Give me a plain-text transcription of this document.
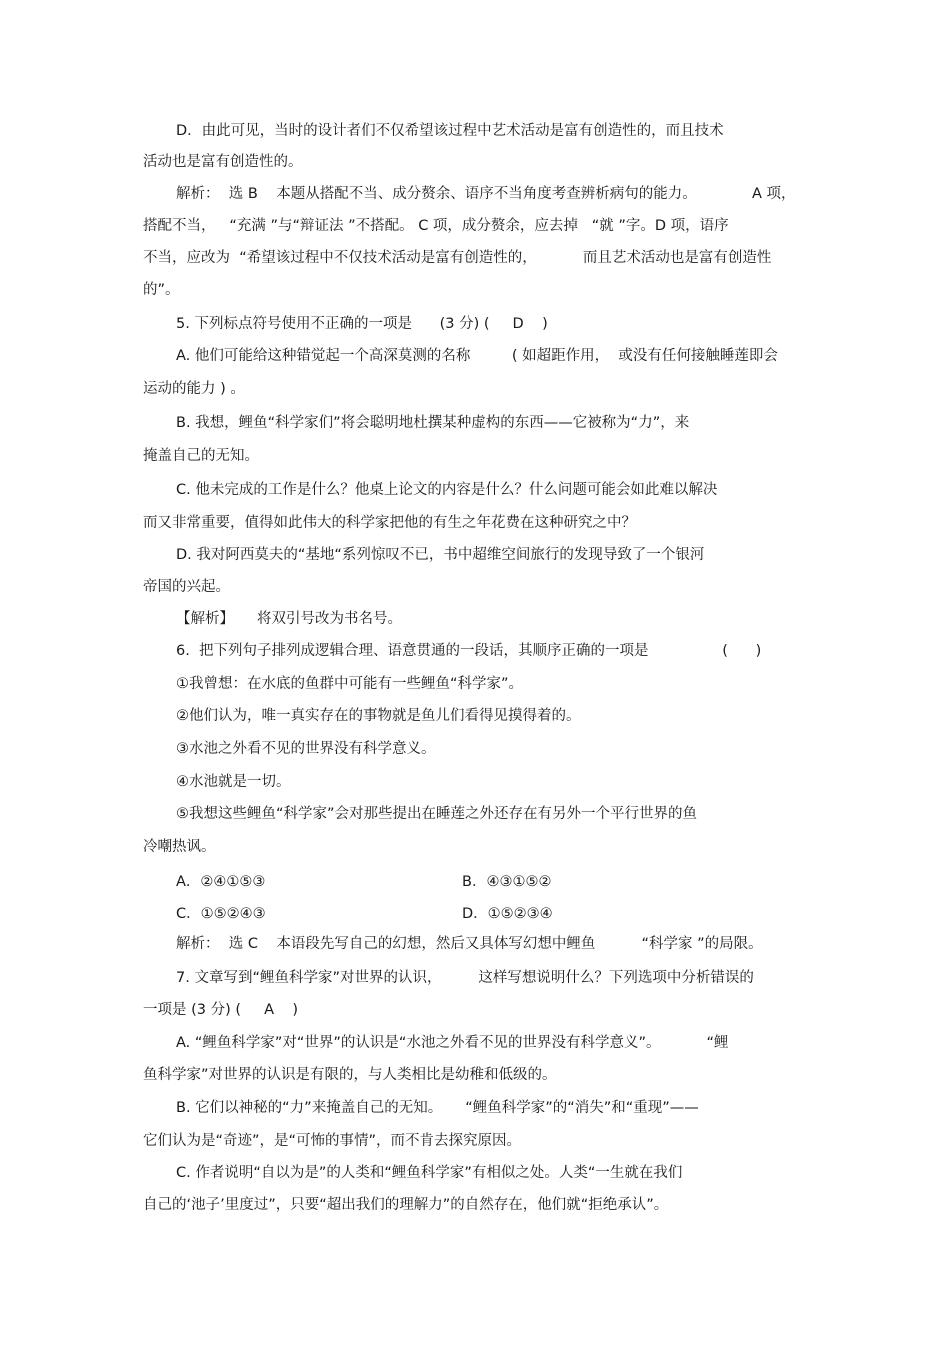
D．由此可见，当时的设计者们不仅希望该过程中艺术活动是富有创造性的，而且技术
活动也是富有创造性的。
解析：  选 B    本题从搭配不当、成分赘余、语序不当角度考查辨析病句的能力。            A 项，
搭配不当，   “充满 ”与“辩证法 ”不搭配。 C 项，成分赘余，应去掉   “就 ”字。D 项，语序
不当，应改为  “希望该过程中不仅技术活动是富有创造性的，          而且艺术活动也是富有创造性
的”。
5. 下列标点符号使用不正确的一项是      (3 分) (     D    )
A. 他们可能给这种错觉起一个高深莫测的名称         ( 如超距作用，  或没有任何接触睡莲即会
运动的能力 ) 。
B. 我想，鲤鱼“科学家们”将会聪明地杜撰某种虚构的东西——它被称为“力”，来
掩盖自己的无知。
C. 他未完成的工作是什么？他桌上论文的内容是什么？什么问题可能会如此难以解决
而又非常重要，值得如此伟大的科学家把他的有生之年花费在这种研究之中？
D. 我对阿西莫夫的“基地“系列惊叹不已，书中超维空间旅行的发现导致了一个银河
帝国的兴起。
【解析】     将双引号改为书名号。
6.  把下列句子排列成逻辑合理、语意贯通的一段话，其顺序正确的一项是                (      )
①我曾想：在水底的鱼群中可能有一些鲤鱼“科学家”。
②他们认为，唯一真实存在的事物就是鱼儿们看得见摸得着的。
③水池之外看不见的世界没有科学意义。
④水池就是一切。
⑤我想这些鲤鱼“科学家”会对那些提出在睡莲之外还存在有另外一个平行世界的鱼
冷嘲热讽。
A．②④①⑤③	B．④③①⑤②
C．①⑤②④③	D．①⑤②③④
解析：  选 C    本语段先写自己的幻想，然后又具体写幻想中鲤鱼          “科学家 ”的局限。
7. 文章写到“鲤鱼科学家”对世界的认识，        这样写想说明什么？下列选项中分析错误的
一项是 (3 分) (     A    )
A. “鲤鱼科学家”对“世界”的认识是“水池之外看不见的世界没有科学意义”。          “鲤
鱼科学家”对世界的认识是有限的，与人类相比是幼稚和低级的。
B. 它们以神秘的“力”来掩盖自己的无知。     “鲤鱼科学家”的“消失”和“重现”——
它们认为是“奇迹”，是“可怖的事情”，而不肯去探究原因。
C. 作者说明“自以为是”的人类和“鲤鱼科学家”有相似之处。人类“一生就在我们
自己的‘池子’里度过”，只要“超出我们的理解力”的自然存在，他们就“拒绝承认”。
